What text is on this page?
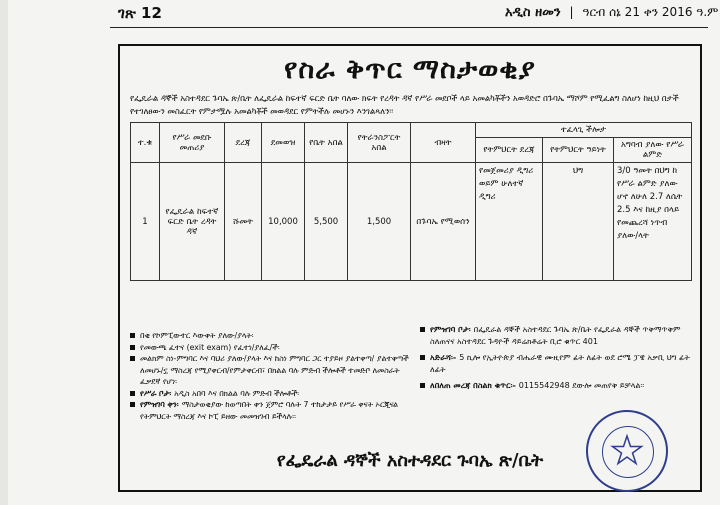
ገጽ 12	አዲስ ዘመን | ዓርብ ሰኔ 21 ቀን 2016 ዓ.ም
የስራ ቅጥር ማስታወቂያ
የፌዴራል ዳኞች አስተዳደር ጉባኤ ጽ/ቤት ለፌዴራል ከፍተኛ ፍርድ ቤት ባለው ክፍት የረዳት ዳኛ የሥራ መደቦች ላይ አመልካቾችን አወዳድሮ በጉባኤ ማሾም የሚፈልግ ስለሆነ ከዚህ በታች የተገለፀውን መስፈርት የምታሟሉ አመልካቾች መወዳደር የምትችሉ መሆኑን እንገልጻለን፡፡
ተ.ቁ	የሥራ መደቡ መጠሪያ	ደረጃ	ደመወዝ	የቤት አበል	የትራንስፖርት አበል	ብዛት	ተፈላጊ ችሎታ		
							የትምህርት ደረጃ	የትምህርት ዓይነት	አግባብ ያለው የሥራ ልምድ
1	የፌዴራል ከፍተኛ ፍርድ ቤት ረዳት ዳኛ	ሹመት	10,000	5,500	1,500	በጉባኤ የሚወሰን	የመጀመሪያ ዲግሪ ወይም ሁለተኛ ዲግሪ	ህግ	3/0 ዓመት በህግ ከ የሥራ ልምድ ያለው ሆኖ ለሁለ 2.7 ለሴት 2.5 እና ከዚያ በላይ የመጨረሻ ነጥብ ያለው/ላት
በቂ የኮምፒውተር እውቀት ያለው/ያላት፡
የመውጫ ፈተና (exit exam) የፈተነ/ያለፈ/ች፡
መልክም ስነ-ምግባር እና ባህሪ ያለው/ያላት እና ከስነ ምግባር ጋር ተያይዞ ያልተቀጣ/ ያልተቀጣች ለመሆኑ/ኗ ማስረጃ የሚያቀርብ/የምታቀርብ፣ በክልል ባሉ ምድብ ችሎቶች ተመድቦ ለመስራት ፈቃደኛ የሆነ፡
የሥራ ቦታ፡ አዲስ አበባ እና በክልል ባሉ ምድብ ችሎቶች፡
የምዝገባ ቀን፡ ማስታወቂያው ከወጣበት ቀን ጀምሮ ባሉት 7 ተከታታይ የሥራ ቀናት ኦርጂናል የትምህርት ማስረጃ እና ኮፒ ይዘው መመዝገብ ይችላሉ፡፡
የምዝገባ ቦታ፡ በፌዴራል ዳኞች አስተዳደር ጉባኤ ጽ/ቤት የፌዴራል ዳኞች ጥቅማጥቅም ስለጠናና አስተዳደር ጉዳዮች ዳይሬክቶሬት ቢሮ ቁጥር 401
አድራሻ፡- 5 ኪሎ የኢትዮጵያ ብሔራዊ ሙዚየም ፊት ለፊት ወደ ሮሜ ፓዌ አቃቢ ህግ ፊት ለፊት
ለበለጠ መረጃ በስልክ ቁጥር፡- 0115542948 ደውሎ መጠየቅ ይቻላል፡፡
የፌዴራል ዳኞች አስተዳደር ጉባኤ ጽ/ቤት
